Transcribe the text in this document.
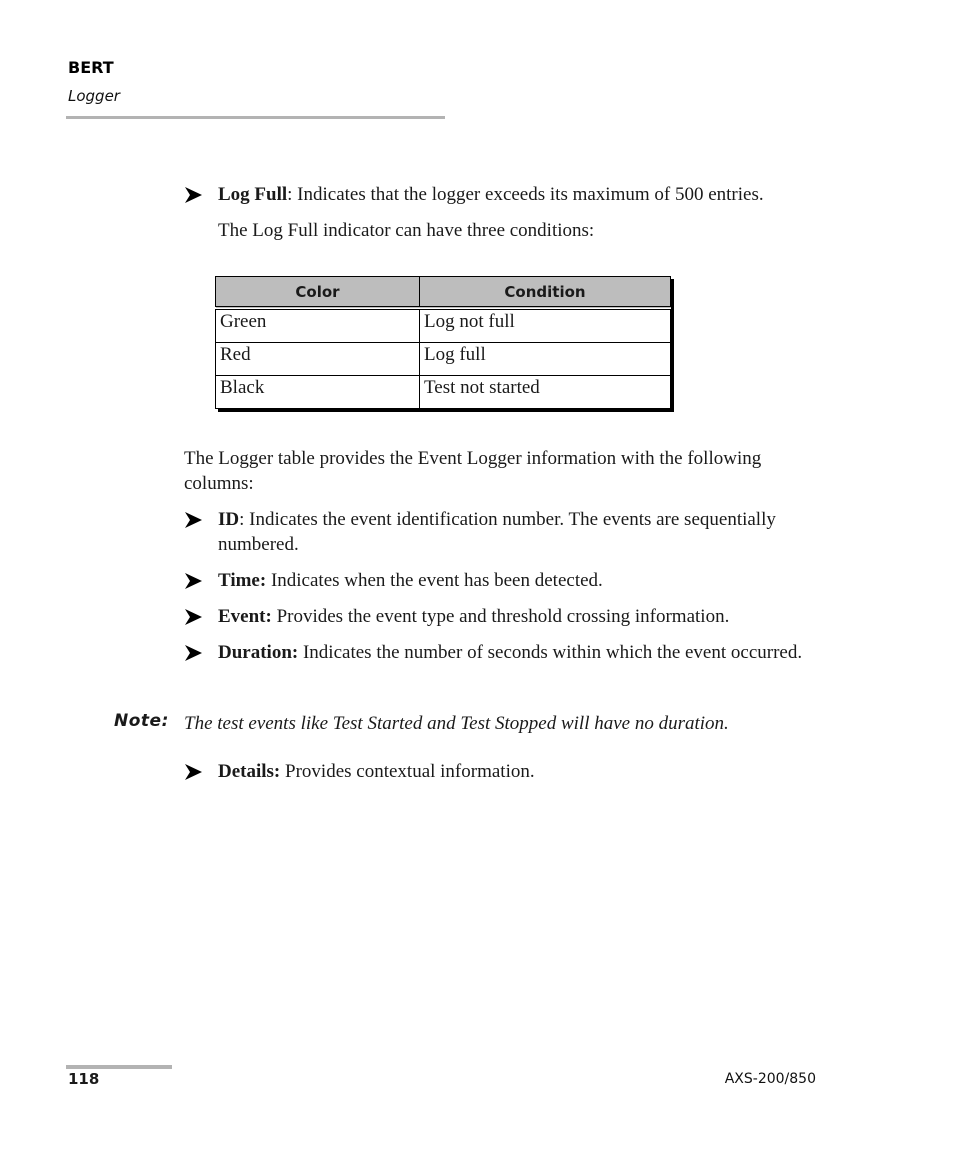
BERT
Logger
Log Full: Indicates that the logger exceeds its maximum of 500 entries.
The Log Full indicator can have three conditions:
Color	Condition
Green	Log not full
Red	Log full
Black	Test not started
The Logger table provides the Event Logger information with the following columns:
ID: Indicates the event identification number. The events are sequentially numbered.
Time: Indicates when the event has been detected.
Event: Provides the event type and threshold crossing information.
Duration: Indicates the number of seconds within which the event occurred.
Note: The test events like Test Started and Test Stopped will have no duration.
Details: Provides contextual information.
118	AXS-200/850
